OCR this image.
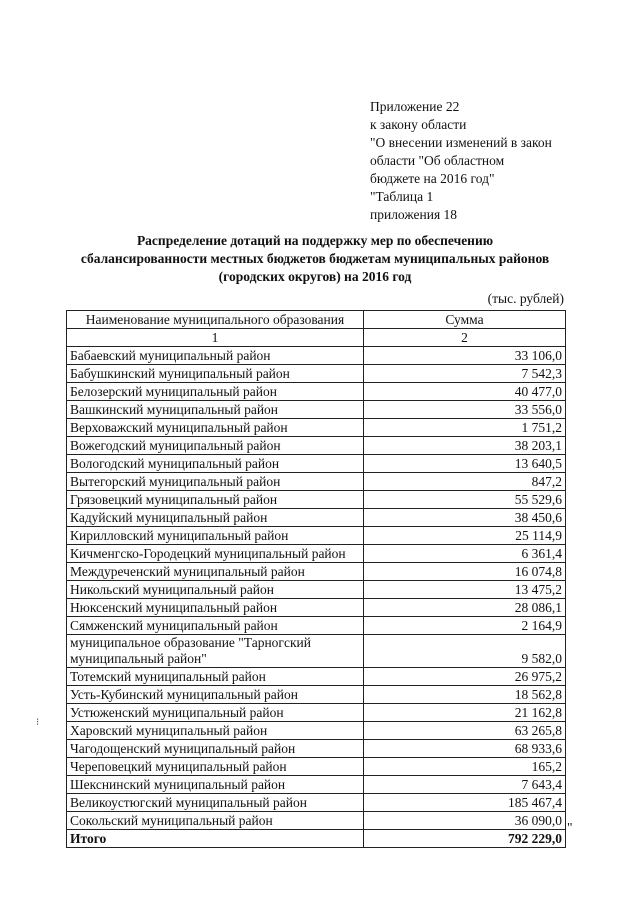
Приложение 22
к закону области
"О внесении изменений в закон
области "Об областном
бюджете на 2016 год"
"Таблица 1
приложения 18
Распределение дотаций на поддержку мер по обеспечению
сбалансированности местных бюджетов бюджетам муниципальных районов
(городских округов) на 2016 год
(тыс. рублей)
Наименование муниципального образования	Сумма
1	2
Бабаевский муниципальный район	33 106,0
Бабушкинский муниципальный район	7 542,3
Белозерский муниципальный район	40 477,0
Вашкинский муниципальный район	33 556,0
Верховажский муниципальный район	1 751,2
Вожегодский муниципальный район	38 203,1
Вологодский муниципальный район	13 640,5
Вытегорский муниципальный район	847,2
Грязовецкий муниципальный район	55 529,6
Кадуйский муниципальный район	38 450,6
Кирилловский муниципальный район	25 114,9
Кичменгско-Городецкий муниципальный район	6 361,4
Междуреченский муниципальный район	16 074,8
Никольский муниципальный район	13 475,2
Нюксенский муниципальный район	28 086,1
Сямженский муниципальный район	2 164,9
муниципальное образование "Тарногский муниципальный район"	9 582,0
Тотемский муниципальный район	26 975,2
Усть-Кубинский муниципальный район	18 562,8
Устюженский муниципальный район	21 162,8
Харовский муниципальный район	63 265,8
Чагодощенский муниципальный район	68 933,6
Череповецкий муниципальный район	165,2
Шекснинский муниципальный район	7 643,4
Великоустюгский муниципальный район	185 467,4
Сокольский муниципальный район	36 090,0
Итого	792 229,0
"
⁝
